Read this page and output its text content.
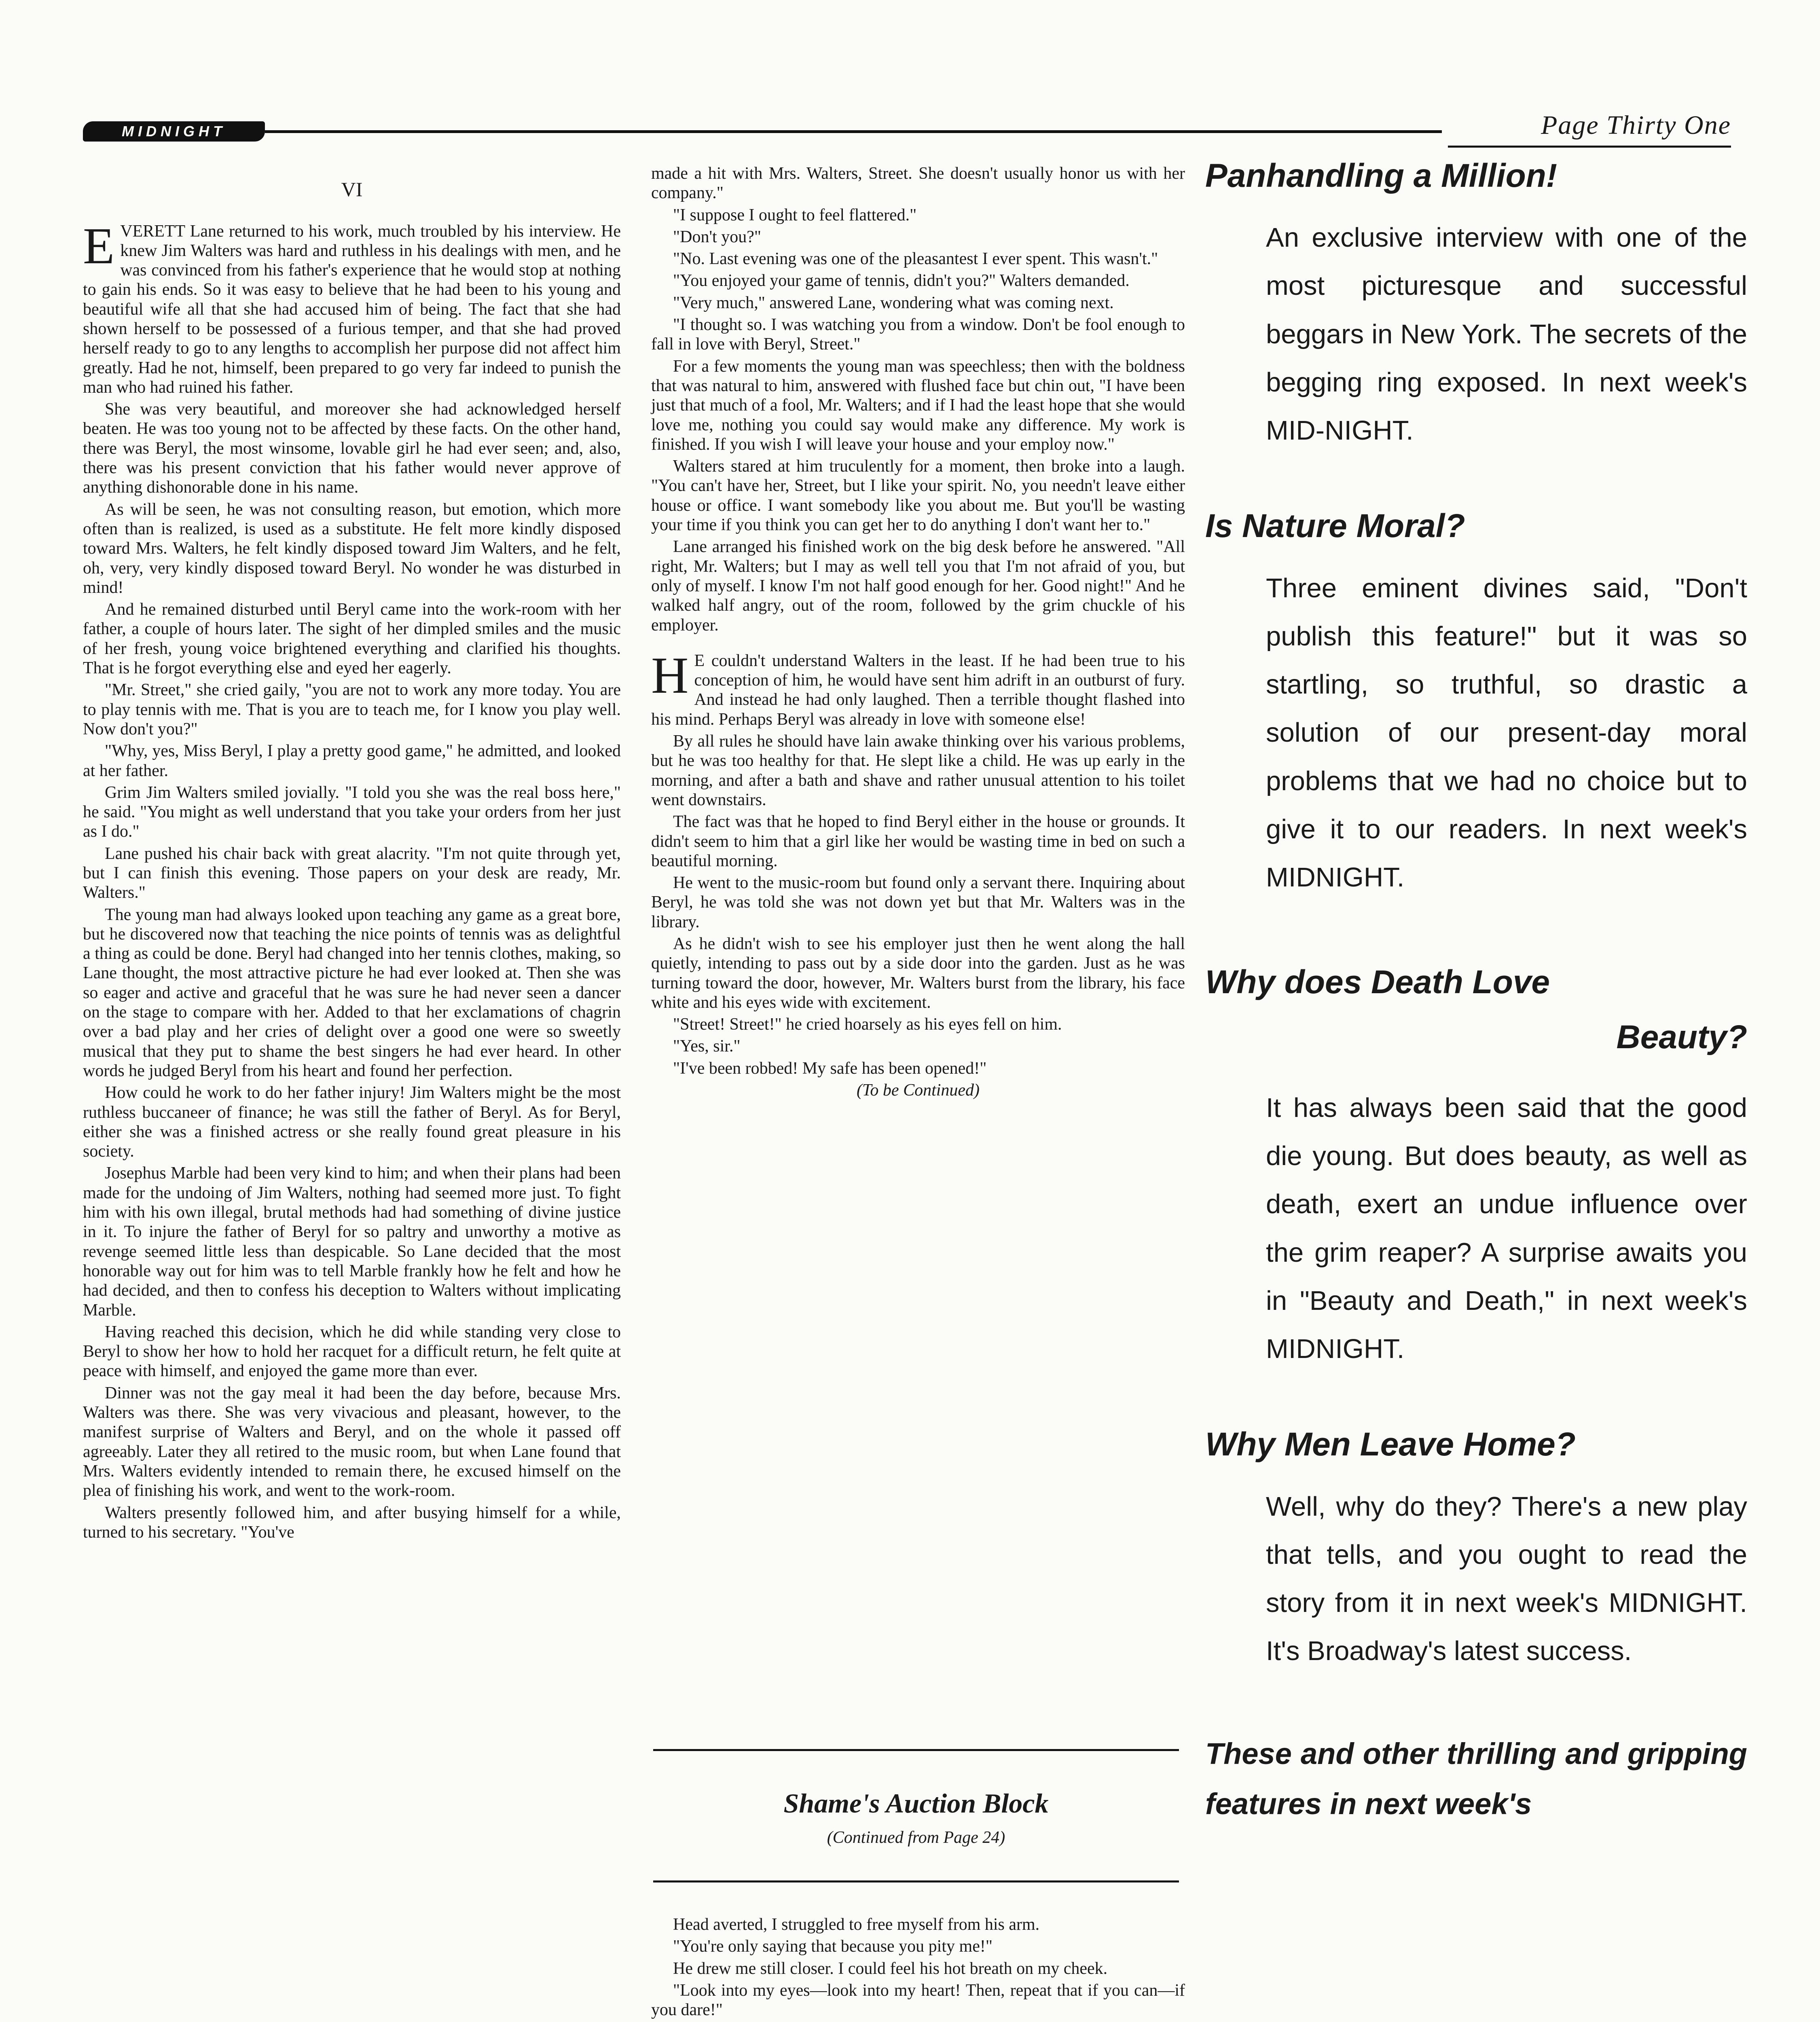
MIDNIGHT	Page Thirty One
VI

EVERETT Lane returned to his work, much troubled by his interview. He knew Jim Walters was hard and ruthless in his dealings with men, and he was convinced from his father's experience that he would stop at nothing to gain his ends. So it was easy to believe that he had been to his young and beautiful wife all that she had accused him of being. The fact that she had shown herself to be possessed of a furious temper, and that she had proved herself ready to go to any lengths to accomplish her purpose did not affect him greatly. Had he not, himself, been prepared to go very far indeed to punish the man who had ruined his father.

She was very beautiful, and moreover she had acknowledged herself beaten. He was too young not to be affected by these facts. On the other hand, there was Beryl, the most winsome, lovable girl he had ever seen; and, also, there was his present conviction that his father would never approve of anything dishonorable done in his name.

As will be seen, he was not consulting reason, but emotion, which more often than is realized, is used as a substitute. He felt more kindly disposed toward Mrs. Walters, he felt kindly disposed toward Jim Walters, and he felt, oh, very, very kindly disposed toward Beryl. No wonder he was disturbed in mind!

And he remained disturbed until Beryl came into the work-room with her father, a couple of hours later. The sight of her dimpled smiles and the music of her fresh, young voice brightened everything and clarified his thoughts. That is he forgot everything else and eyed her eagerly.

"Mr. Street," she cried gaily, "you are not to work any more today. You are to play tennis with me. That is you are to teach me, for I know you play well. Now don't you?"

"Why, yes, Miss Beryl, I play a pretty good game," he admitted, and looked at her father.

Grim Jim Walters smiled jovially. "I told you she was the real boss here," he said. "You might as well understand that you take your orders from her just as I do."

Lane pushed his chair back with great alacrity. "I'm not quite through yet, but I can finish this evening. Those papers on your desk are ready, Mr. Walters."

The young man had always looked upon teaching any game as a great bore, but he discovered now that teaching the nice points of tennis was as delightful a thing as could be done. Beryl had changed into her tennis clothes, making, so Lane thought, the most attractive picture he had ever looked at. Then she was so eager and active and graceful that he was sure he had never seen a dancer on the stage to compare with her. Added to that her exclamations of chagrin over a bad play and her cries of delight over a good one were so sweetly musical that they put to shame the best singers he had ever heard. In other words he judged Beryl from his heart and found her perfection.

How could he work to do her father injury! Jim Walters might be the most ruthless buccaneer of finance; he was still the father of Beryl. As for Beryl, either she was a finished actress or she really found great pleasure in his society.

Josephus Marble had been very kind to him; and when their plans had been made for the undoing of Jim Walters, nothing had seemed more just. To fight him with his own illegal, brutal methods had had something of divine justice in it. To injure the father of Beryl for so paltry and unworthy a motive as revenge seemed little less than despicable. So Lane decided that the most honorable way out for him was to tell Marble frankly how he felt and how he had decided, and then to confess his deception to Walters without implicating Marble.

Having reached this decision, which he did while standing very close to Beryl to show her how to hold her racquet for a difficult return, he felt quite at peace with himself, and enjoyed the game more than ever.

Dinner was not the gay meal it had been the day before, because Mrs. Walters was there. She was very vivacious and pleasant, however, to the manifest surprise of Walters and Beryl, and on the whole it passed off agreeably. Later they all retired to the music room, but when Lane found that Mrs. Walters evidently intended to remain there, he excused himself on the plea of finishing his work, and went to the work-room.

Walters presently followed him, and after busying himself for a while, turned to his secretary. "You've

made a hit with Mrs. Walters, Street. She doesn't usually honor us with her company."

"I suppose I ought to feel flattered."

"Don't you?"

"No. Last evening was one of the pleasantest I ever spent. This wasn't."

"You enjoyed your game of tennis, didn't you?" Walters demanded.

"Very much," answered Lane, wondering what was coming next.

"I thought so. I was watching you from a window. Don't be fool enough to fall in love with Beryl, Street."

For a few moments the young man was speechless; then with the boldness that was natural to him, answered with flushed face but chin out, "I have been just that much of a fool, Mr. Walters; and if I had the least hope that she would love me, nothing you could say would make any difference. My work is finished. If you wish I will leave your house and your employ now."

Walters stared at him truculently for a moment, then broke into a laugh. "You can't have her, Street, but I like your spirit. No, you needn't leave either house or office. I want somebody like you about me. But you'll be wasting your time if you think you can get her to do anything I don't want her to."

Lane arranged his finished work on the big desk before he answered. "All right, Mr. Walters; but I may as well tell you that I'm not afraid of you, but only of myself. I know I'm not half good enough for her. Good night!" And he walked half angry, out of the room, followed by the grim chuckle of his employer.

H E couldn't understand Walters in the least. If he had been true to his conception of him, he would have sent him adrift in an outburst of fury. And instead he had only laughed. Then a terrible thought flashed into his mind. Perhaps Beryl was already in love with someone else!

By all rules he should have lain awake thinking over his various problems, but he was too healthy for that. He slept like a child. He was up early in the morning, and after a bath and shave and rather unusual attention to his toilet went downstairs.

The fact was that he hoped to find Beryl either in the house or grounds. It didn't seem to him that a girl like her would be wasting time in bed on such a beautiful morning.

He went to the music-room but found only a servant there. Inquiring about Beryl, he was told she was not down yet but that Mr. Walters was in the library.

As he didn't wish to see his employer just then he went along the hall quietly, intending to pass out by a side door into the garden. Just as he was turning toward the door, however, Mr. Walters burst from the library, his face white and his eyes wide with excitement.

"Street! Street!" he cried hoarsely as his eyes fell on him.

"Yes, sir."

"I've been robbed! My safe has been opened!"

(To be Continued)

Shame's Auction Block
(Continued from Page 24)

Head averted, I struggled to free myself from his arm.

"You're only saying that because you pity me!"

He drew me still closer. I could feel his hot breath on my cheek.

"Look into my eyes—look into my heart! Then, repeat that if you can—if you dare!"

Panhandling a Million!

An exclusive interview with one of the most picturesque and successful beggars in New York. The secrets of the begging ring exposed. In next week's MID-NIGHT.

Is Nature Moral?

Three eminent divines said, "Don't publish this feature!" but it was so startling, so truthful, so drastic a solution of our present-day moral problems that we had no choice but to give it to our readers. In next week's MIDNIGHT.

Why does Death Love
Beauty?

It has always been said that the good die young. But does beauty, as well as death, exert an undue influence over the grim reaper? A surprise awaits you in "Beauty and Death," in next week's MIDNIGHT.

Why Men Leave Home?

Well, why do they? There's a new play that tells, and you ought to read the story from it in next week's MIDNIGHT. It's Broadway's latest success.

These and other thrilling and gripping features in next week's
